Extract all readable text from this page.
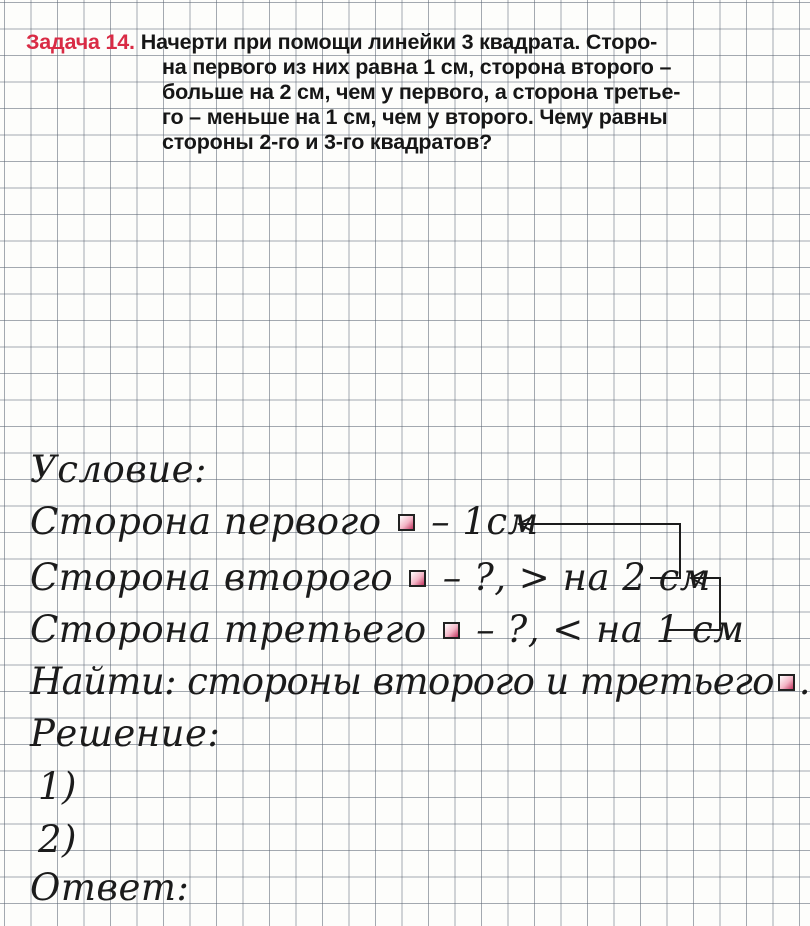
Задача 14. Начерти при помощи линейки 3 квадрата. Сторо-
на первого из них равна 1 см, сторона второго –
больше на 2 см, чем у первого, а сторона третье-
го – меньше на 1 см, чем у второго. Чему равны
стороны 2-го и 3-го квадратов?
Условие:
Сторона первого – 1см
Сторона второго – ?, > на 2 см
Сторона третьего – ?, < на 1 см
Найти: стороны второго и третьего .
Решение:
1)
2)
Ответ:
